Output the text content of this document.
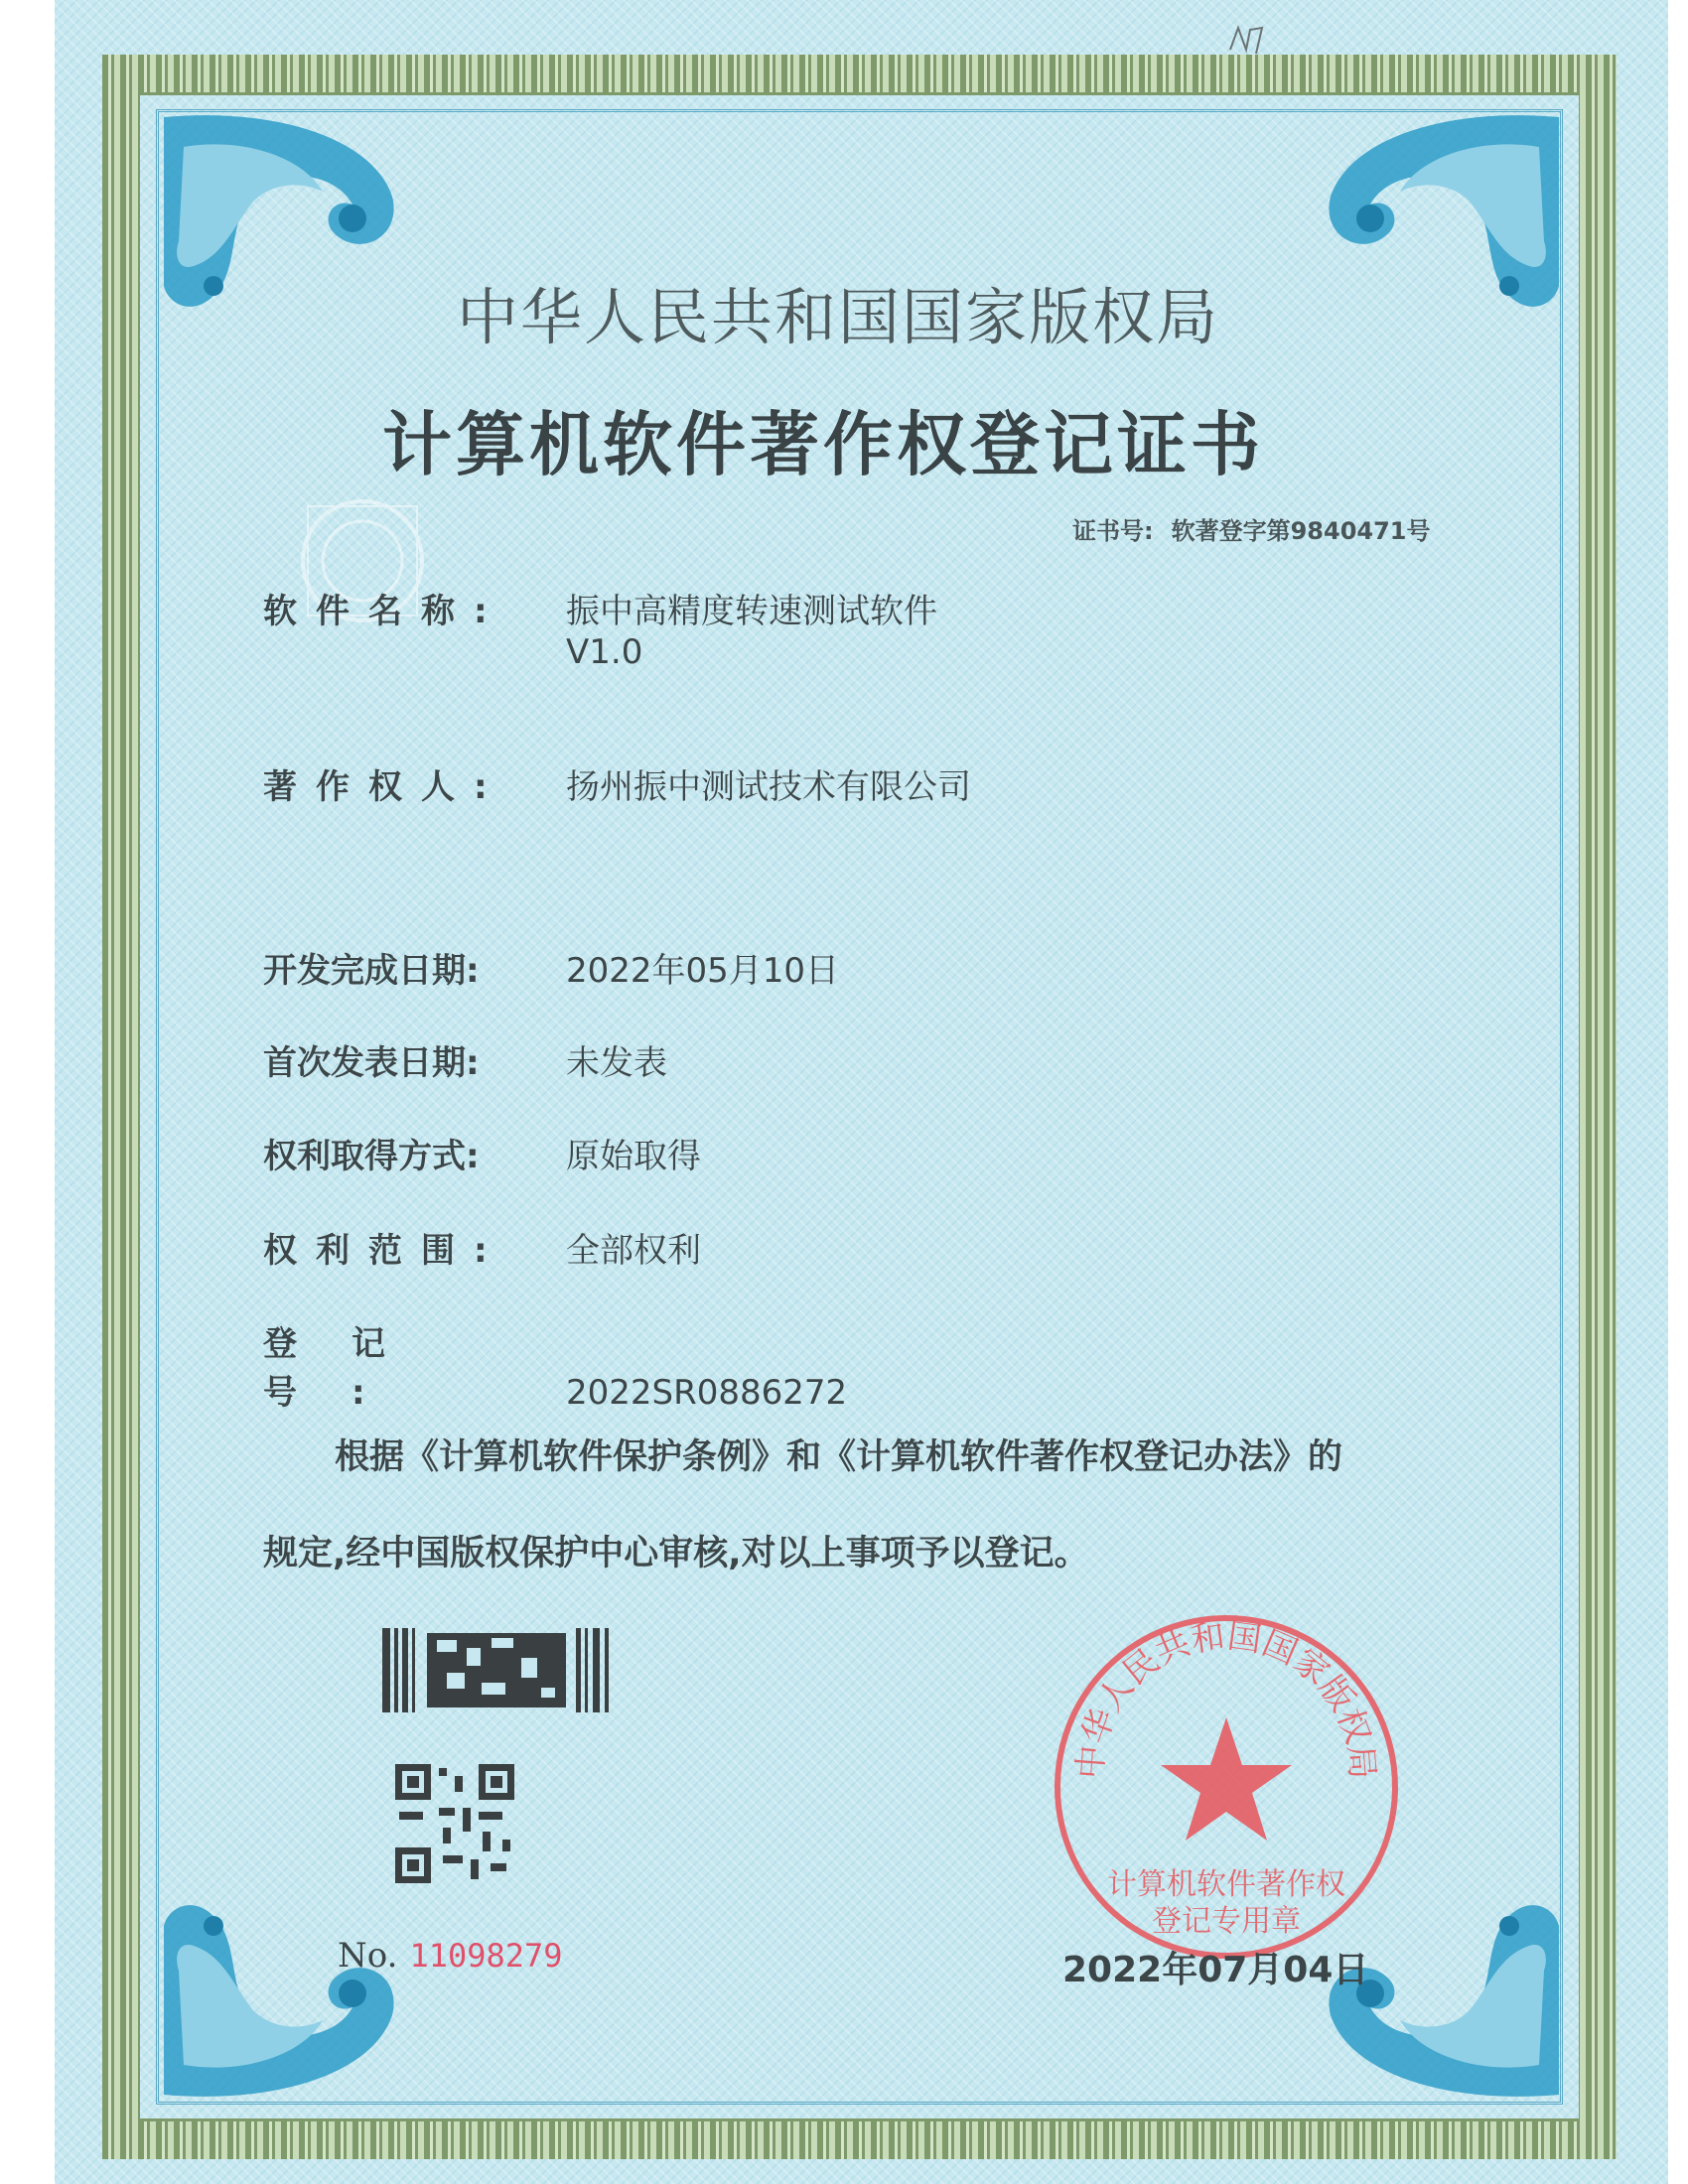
中华人民共和国国家版权局
计算机软件著作权登记证书
证书号: 软著登字第9840471号
软件名称: 振中高精度转速测试软件
V1.0
著作权人: 扬州振中测试技术有限公司
开发完成日期:	2022年05月10日
首次发表日期:	未发表
权利取得方式:	原始取得
权利范围: 全部权利
登记号:	2022SR0886272
根据《计算机软件保护条例》和《计算机软件著作权登记办法》的
规定,经中国版权保护中心审核,对以上事项予以登记。
No. 11098279
中华人民共和国国家版权局
计算机软件著作权
登记专用章
2022年07月04日
